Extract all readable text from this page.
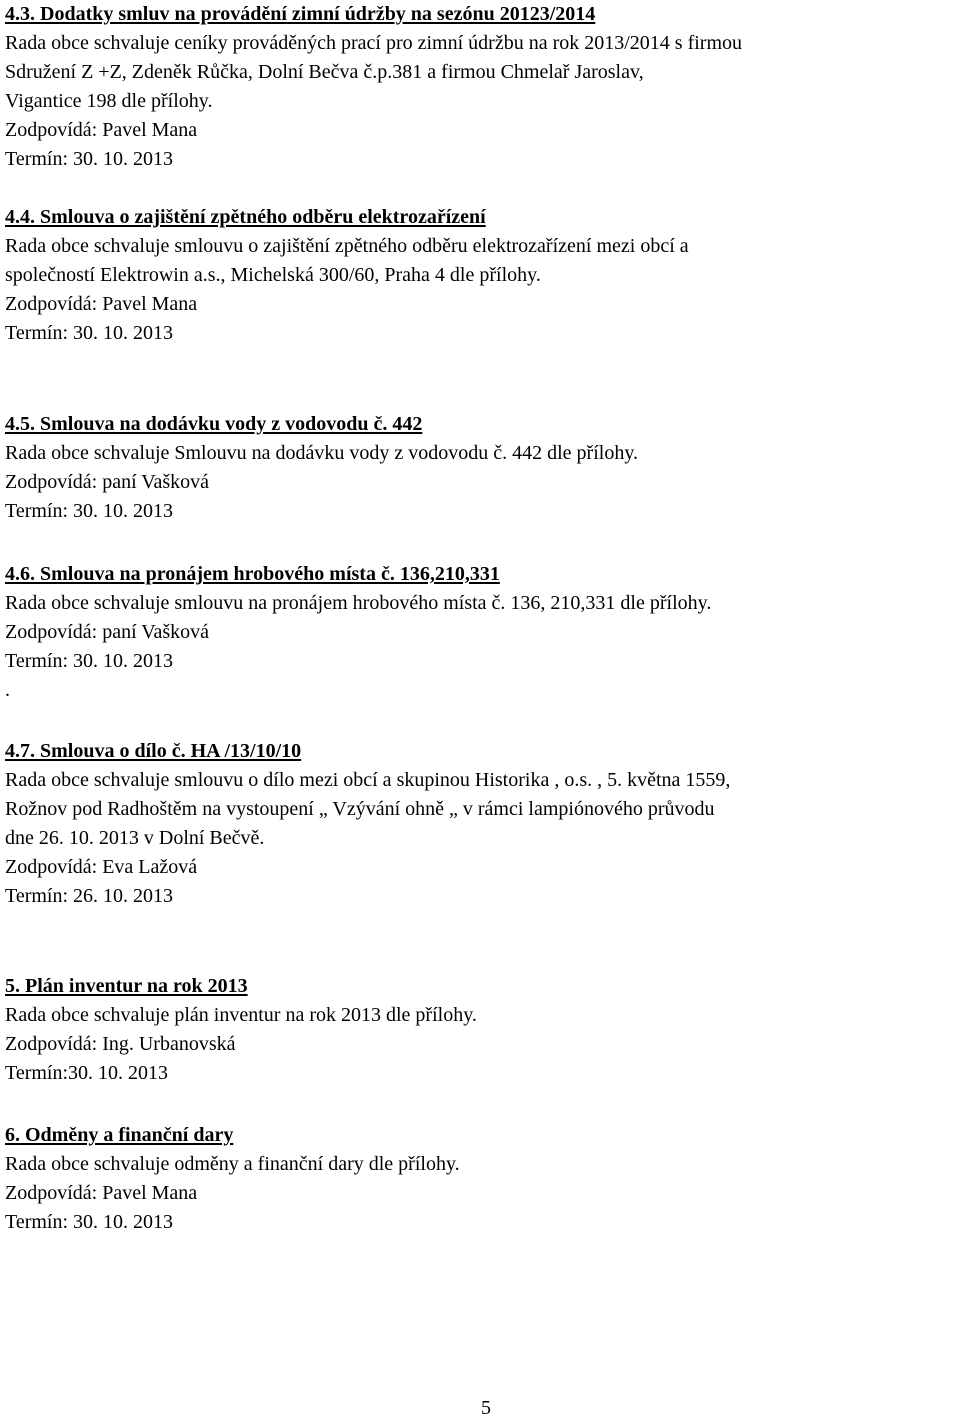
4.3. Dodatky smluv na provádění zimní údržby na sezónu 20123/2014
Rada obce schvaluje ceníky prováděných prací pro zimní údržbu na rok 2013/2014 s firmou
Sdružení Z +Z, Zdeněk Růčka, Dolní Bečva č.p.381 a firmou Chmelař Jaroslav,
Vigantice 198 dle přílohy.
Zodpovídá: Pavel Mana
Termín: 30. 10. 2013
4.4. Smlouva o zajištění zpětného odběru elektrozařízení
Rada obce schvaluje smlouvu o zajištění zpětného odběru elektrozařízení mezi obcí a
společností Elektrowin a.s., Michelská 300/60, Praha 4 dle přílohy.
Zodpovídá: Pavel Mana
Termín: 30. 10. 2013
4.5. Smlouva na dodávku vody z vodovodu č. 442
Rada obce schvaluje Smlouvu na dodávku vody z vodovodu č. 442 dle přílohy.
Zodpovídá: paní Vašková
Termín: 30. 10. 2013
4.6. Smlouva na pronájem hrobového místa č. 136,210,331
Rada obce schvaluje smlouvu na pronájem hrobového místa č. 136, 210,331 dle přílohy.
Zodpovídá: paní Vašková
Termín: 30. 10. 2013
.
4.7. Smlouva o dílo č. HA /13/10/10
Rada obce schvaluje smlouvu o dílo mezi obcí a skupinou Historika , o.s. , 5. května 1559,
Rožnov pod Radhoštěm na vystoupení „ Vzývání ohně „ v rámci lampiónového průvodu
dne 26. 10. 2013 v Dolní Bečvě.
Zodpovídá: Eva Lažová
Termín: 26. 10. 2013
5. Plán inventur na rok 2013
Rada obce schvaluje plán inventur na rok 2013 dle přílohy.
Zodpovídá: Ing. Urbanovská
Termín:30. 10. 2013
6. Odměny a finanční dary
Rada obce schvaluje odměny a finanční dary dle přílohy.
Zodpovídá: Pavel Mana
Termín: 30. 10. 2013
5
